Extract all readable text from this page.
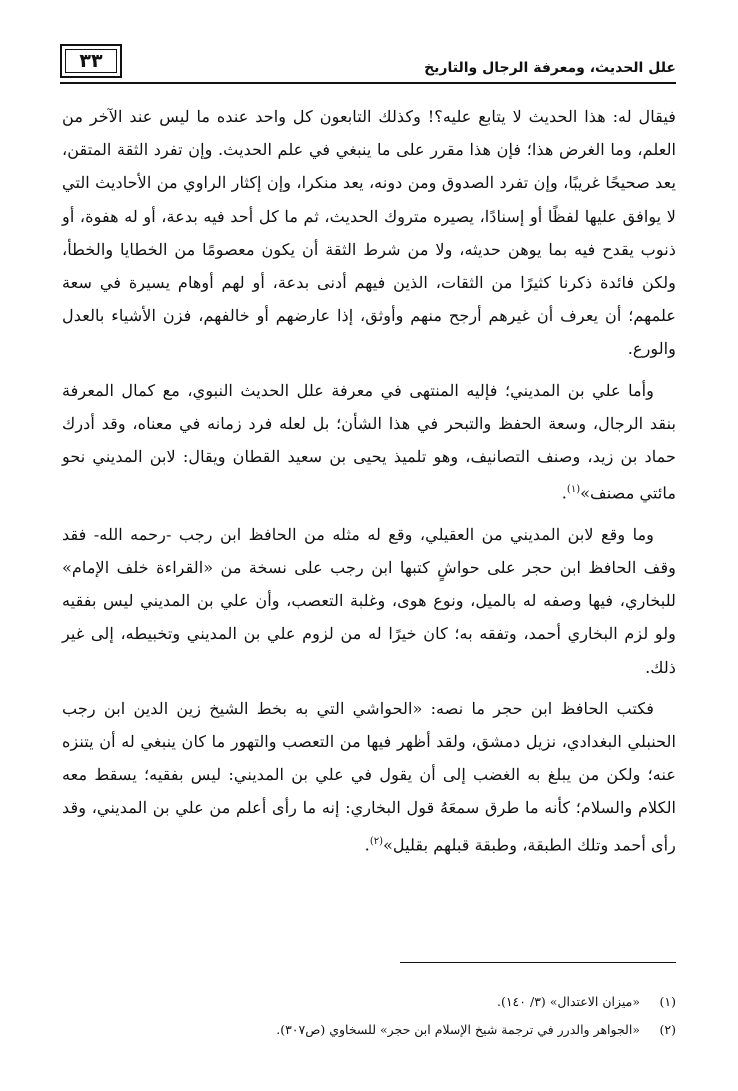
٣٣	علل الحديث، ومعرفة الرجال والتاريخ

فيقال له: هذا الحديث لا يتابع عليه؟! وكذلك التابعون كل واحد عنده ما ليس عند الآخر من العلم، وما الغرض هذا؛ فإن هذا مقرر على ما ينبغي في علم الحديث. وإن تفرد الثقة المتقن، يعد صحيحًا غريبًا، وإن تفرد الصدوق ومن دونه، يعد منكرا، وإن إكثار الراوي من الأحاديث التي لا يوافق عليها لفظًا أو إسنادًا، يصيره متروك الحديث، ثم ما كل أحد فيه بدعة، أو له هفوة، أو ذنوب يقدح فيه بما يوهن حديثه، ولا من شرط الثقة أن يكون معصومًا من الخطايا والخطأ، ولكن فائدة ذكرنا كثيرًا من الثقات، الذين فيهم أدنى بدعة، أو لهم أوهام يسيرة في سعة علمهم؛ أن يعرف أن غيرهم أرجح منهم وأوثق، إذا عارضهم أو خالفهم، فزن الأشياء بالعدل والورع.

وأما علي بن المديني؛ فإليه المنتهى في معرفة علل الحديث النبوي، مع كمال المعرفة بنقد الرجال، وسعة الحفظ والتبحر في هذا الشأن؛ بل لعله فرد زمانه في معناه، وقد أدرك حماد بن زيد، وصنف التصانيف، وهو تلميذ يحيى بن سعيد القطان ويقال: لابن المديني نحو مائتي مصنف»$^{(١)}$.

وما وقع لابن المديني من العقيلي، وقع له مثله من الحافظ ابن رجب -رحمه الله- فقد وقف الحافظ ابن حجر على حواشٍ كتبها ابن رجب على نسخة من «القراءة خلف الإمام» للبخاري، فيها وصفه له بالميل، ونوع هوى، وغلبة التعصب، وأن علي بن المديني ليس بفقيه ولو لزم البخاري أحمد، وتفقه به؛ كان خيرًا له من لزوم علي بن المديني وتخبيطه، إلى غير ذلك.

فكتب الحافظ ابن حجر ما نصه: «الحواشي التي به بخط الشيخ زين الدين ابن رجب الحنبلي البغدادي، نزيل دمشق، ولقد أظهر فيها من التعصب والتهور ما كان ينبغي له أن يتنزه عنه؛ ولكن من يبلغ به الغضب إلى أن يقول في علي بن المديني: ليس بفقيه؛ يسقط معه الكلام والسلام؛ كأنه ما طرق سمعَهُ قول البخاري: إنه ما رأى أعلم من علي بن المديني، وقد رأى أحمد وتلك الطبقة، وطبقة قبلهم بقليل»$^{(٢)}$.

(١)
«ميزان الاعتدال» (٣/ ١٤٠).

(٢)
«الجواهر والدرر في ترجمة شيخ الإسلام ابن حجر» للسخاوي (ص٣٠٧).
